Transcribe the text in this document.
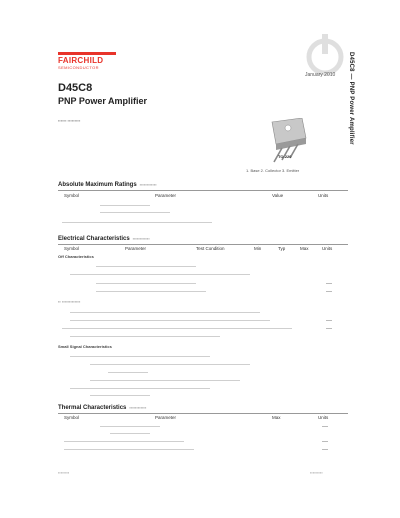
FAIRCHILD
SEMICONDUCTOR
January 2010 D45C8 — PNP Power Amplifier
D45C8
PNP Power Amplifier
▪▪▪▪▪▪ ▪▪▪▪▪▪▪▪▪
TO-220
1. Base 2. Collector 3. Emitter
Absolute Maximum Ratings ▪▪▪▪▪▪▪▪▪▪▪▪
Symbol	Parameter	Value	Units
Electrical Characteristics ▪▪▪▪▪▪▪▪▪▪▪▪
Symbol	Parameter	Test Condition	Min	Typ	Max	Units
Off Characteristics
▪▪ ▪▪▪▪▪▪▪▪▪▪▪▪▪
Small Signal Characteristics
Thermal Characteristics ▪▪▪▪▪▪▪▪▪▪▪▪
Symbol	Parameter	Max	Units
▪▪▪▪▪▪▪▪	▪▪▪▪▪▪▪▪▪
